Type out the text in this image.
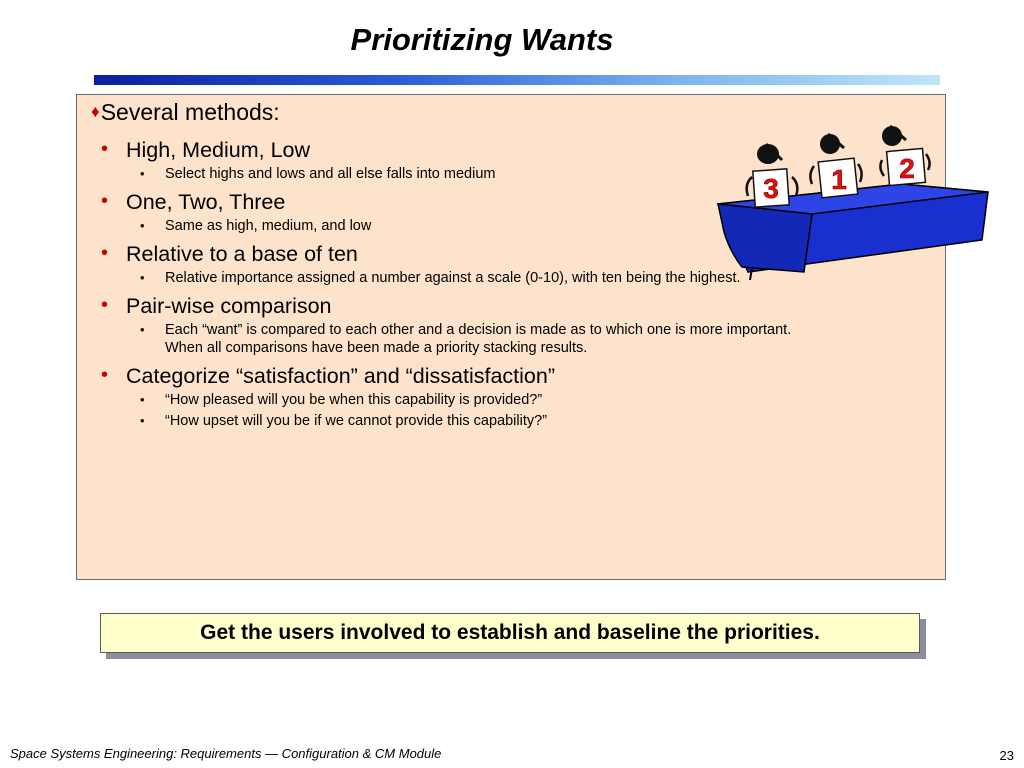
Prioritizing Wants

♦Several methods:

• High, Medium, Low
• Select highs and lows and all else falls into medium
• One, Two, Three
• Same as high, medium, and low
• Relative to a base of ten
• Relative importance assigned a number against a scale (0-10), with ten being the highest.
• Pair-wise comparison
• Each “want” is compared to each other and a decision is made as to which one is more important.
When all comparisons have been made a priority stacking results.
• Categorize “satisfaction” and “dissatisfaction”
• “How pleased will you be when this capability is provided?”
• “How upset will you be if we cannot provide this capability?”
3 1 2
Get the users involved to establish and baseline the priorities.
Space Systems Engineering: Requirements — Configuration & CM Module	23
